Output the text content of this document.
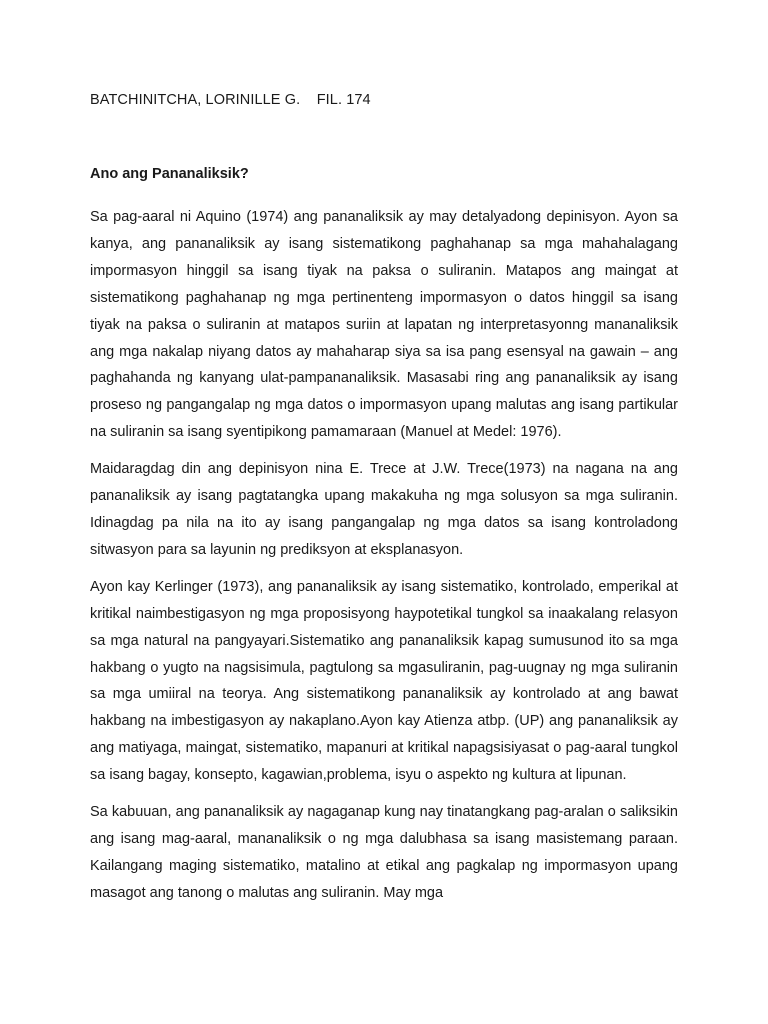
BATCHINITCHA, LORINILLE G. FIL. 174
Ano ang Pananaliksik?

Sa pag-aaral ni Aquino (1974) ang pananaliksik ay may detalyadong depinisyon. Ayon sa kanya, ang pananaliksik ay isang sistematikong paghahanap sa mga mahahalagang impormasyon hinggil sa isang tiyak na paksa o suliranin. Matapos ang maingat at sistematikong paghahanap ng mga pertinenteng impormasyon o datos hinggil sa isang tiyak na paksa o suliranin at matapos suriin at lapatan ng interpretasyonng mananaliksik ang mga nakalap niyang datos ay mahaharap siya sa isa pang esensyal na gawain – ang paghahanda ng kanyang ulat-pampananaliksik. Masasabi ring ang pananaliksik ay isang proseso ng pangangalap ng mga datos o impormasyon upang malutas ang isang partikular na suliranin sa isang syentipikong pamamaraan (Manuel at Medel: 1976).

Maidaragdag din ang depinisyon nina E. Trece at J.W. Trece(1973) na nagana na ang pananaliksik ay isang pagtatangka upang makakuha ng mga solusyon sa mga suliranin. Idinagdag pa nila na ito ay isang pangangalap ng mga datos sa isang kontroladong sitwasyon para sa layunin ng prediksyon at eksplanasyon.

Ayon kay Kerlinger (1973), ang pananaliksik ay isang sistematiko, kontrolado, emperikal at kritikal naimbestigasyon ng mga proposisyong haypotetikal tungkol sa inaakalang relasyon sa mga natural na pangyayari.Sistematiko ang pananaliksik kapag sumusunod ito sa mga hakbang o yugto na nagsisimula, pagtulong sa mgasuliranin, pag-uugnay ng mga suliranin sa mga umiiral na teorya. Ang sistematikong pananaliksik ay kontrolado at ang bawat hakbang na imbestigasyon ay nakaplano.Ayon kay Atienza atbp. (UP) ang pananaliksik ay ang matiyaga, maingat, sistematiko, mapanuri at kritikal napagsisiyasat o pag-aaral tungkol sa isang bagay, konsepto, kagawian,problema, isyu o aspekto ng kultura at lipunan.

Sa kabuuan, ang pananaliksik ay nagaganap kung nay tinatangkang pag-aralan o saliksikin ang isang mag-aaral, mananaliksik o ng mga dalubhasa sa isang masistemang paraan. Kailangang maging sistematiko, matalino at etikal ang pagkalap ng impormasyon upang masagot ang tanong o malutas ang suliranin. May mga
